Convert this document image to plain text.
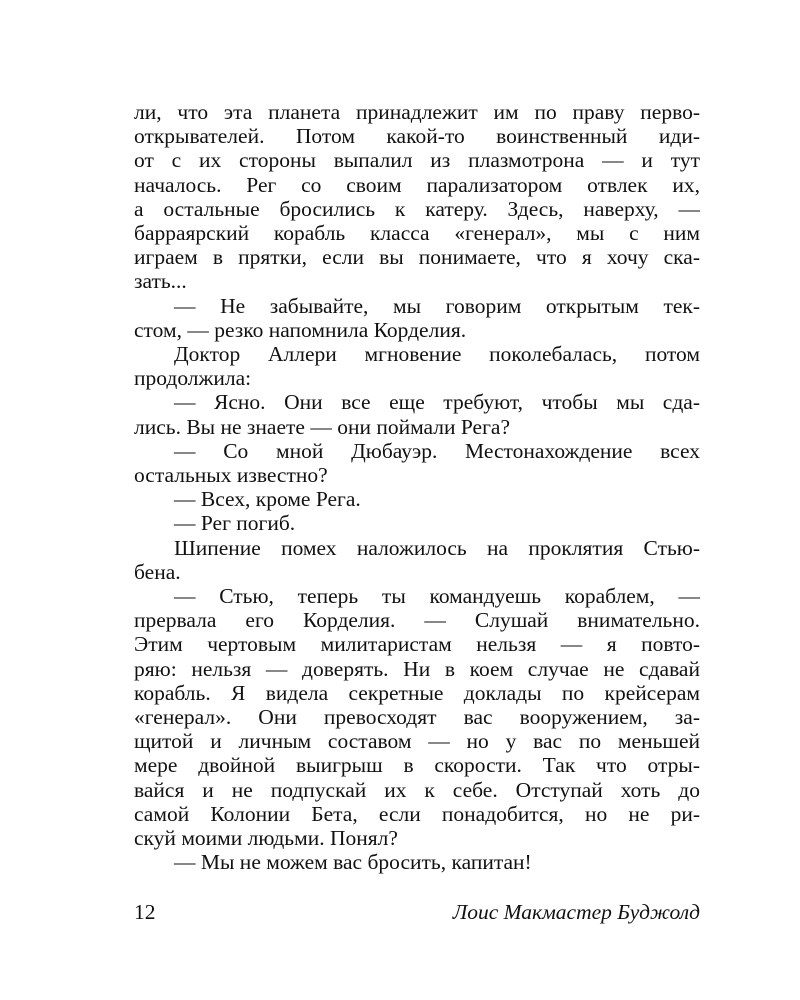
ли, что эта планета принадлежит им по праву перво-
открывателей. Потом какой-то воинственный иди-
от с их стороны выпалил из плазмотрона — и тут
началось. Рег со своим парализатором отвлек их,
а остальные бросились к катеру. Здесь, наверху, —
барраярский корабль класса «генерал», мы с ним
играем в прятки, если вы понимаете, что я хочу ска-
зать...
— Не забывайте, мы говорим открытым тек-
стом, — резко напомнила Корделия.
Доктор Аллери мгновение поколебалась, потом
продолжила:
— Ясно. Они все еще требуют, чтобы мы сда-
лись. Вы не знаете — они поймали Рега?
— Со мной Дюбауэр. Местонахождение всех
остальных известно?
— Всех, кроме Рега.
— Рег погиб.
Шипение помех наложилось на проклятия Стью-
бена.
— Стью, теперь ты командуешь кораблем, —
прервала его Корделия. — Слушай внимательно.
Этим чертовым милитаристам нельзя — я повто-
ряю: нельзя — доверять. Ни в коем случае не сдавай
корабль. Я видела секретные доклады по крейсерам
«генерал». Они превосходят вас вооружением, за-
щитой и личным составом — но у вас по меньшей
мере двойной выигрыш в скорости. Так что отры-
вайся и не подпускай их к себе. Отступай хоть до
самой Колонии Бета, если понадобится, но не ри-
скуй моими людьми. Понял?
— Мы не можем вас бросить, капитан!
12	Лоис Макмастер Буджолд
